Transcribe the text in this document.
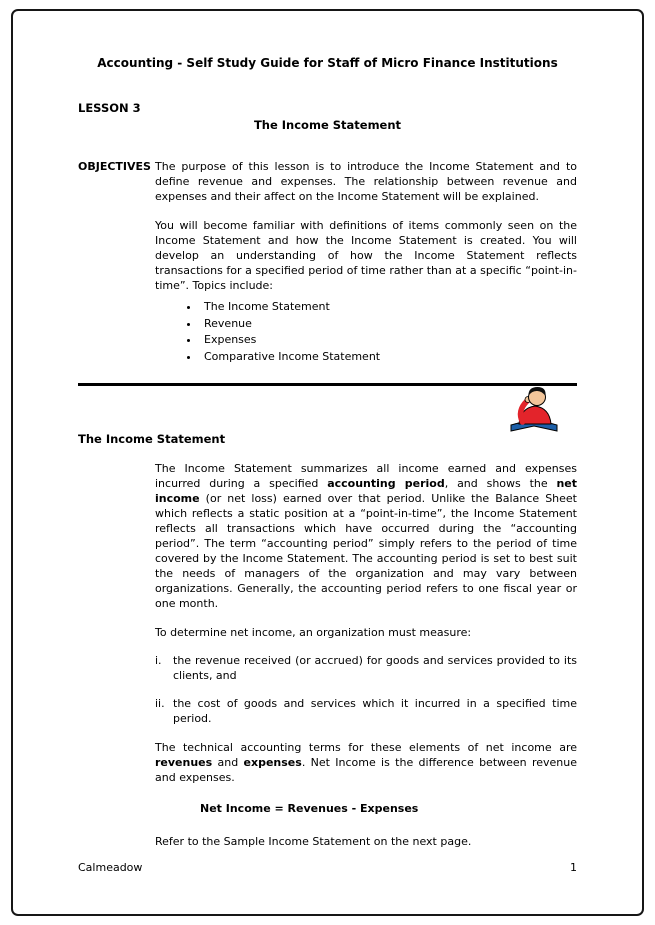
Accounting - Self Study Guide for Staff of Micro Finance Institutions
LESSON 3
The Income Statement
OBJECTIVES The purpose of this lesson is to introduce the Income Statement and to define revenue and expenses. The relationship between revenue and expenses and their affect on the Income Statement will be explained.

You will become familiar with definitions of items commonly seen on the Income Statement and how the Income Statement is created. You will develop an understanding of how the Income Statement reflects transactions for a specified period of time rather than at a specific “point-in-time”. Topics include:

• The Income Statement
• Revenue
• Expenses
• Comparative Income Statement
The Income Statement

The Income Statement summarizes all income earned and expenses incurred during a specified accounting period, and shows the net income (or net loss) earned over that period. Unlike the Balance Sheet which reflects a static position at a “point-in-time”, the Income Statement reflects all transactions which have occurred during the “accounting period”. The term “accounting period” simply refers to the period of time covered by the Income Statement. The accounting period is set to best suit the needs of managers of the organization and may vary between organizations. Generally, the accounting period refers to one fiscal year or one month.

To determine net income, an organization must measure:

i.	the revenue received (or accrued) for goods and services provided to its clients, and
ii. the cost of goods and services which it incurred in a specified time period.

The technical accounting terms for these elements of net income are revenues and expenses. Net Income is the difference between revenue and expenses.

Net Income = Revenues - Expenses

Refer to the Sample Income Statement on the next page.

Calmeadow	1
